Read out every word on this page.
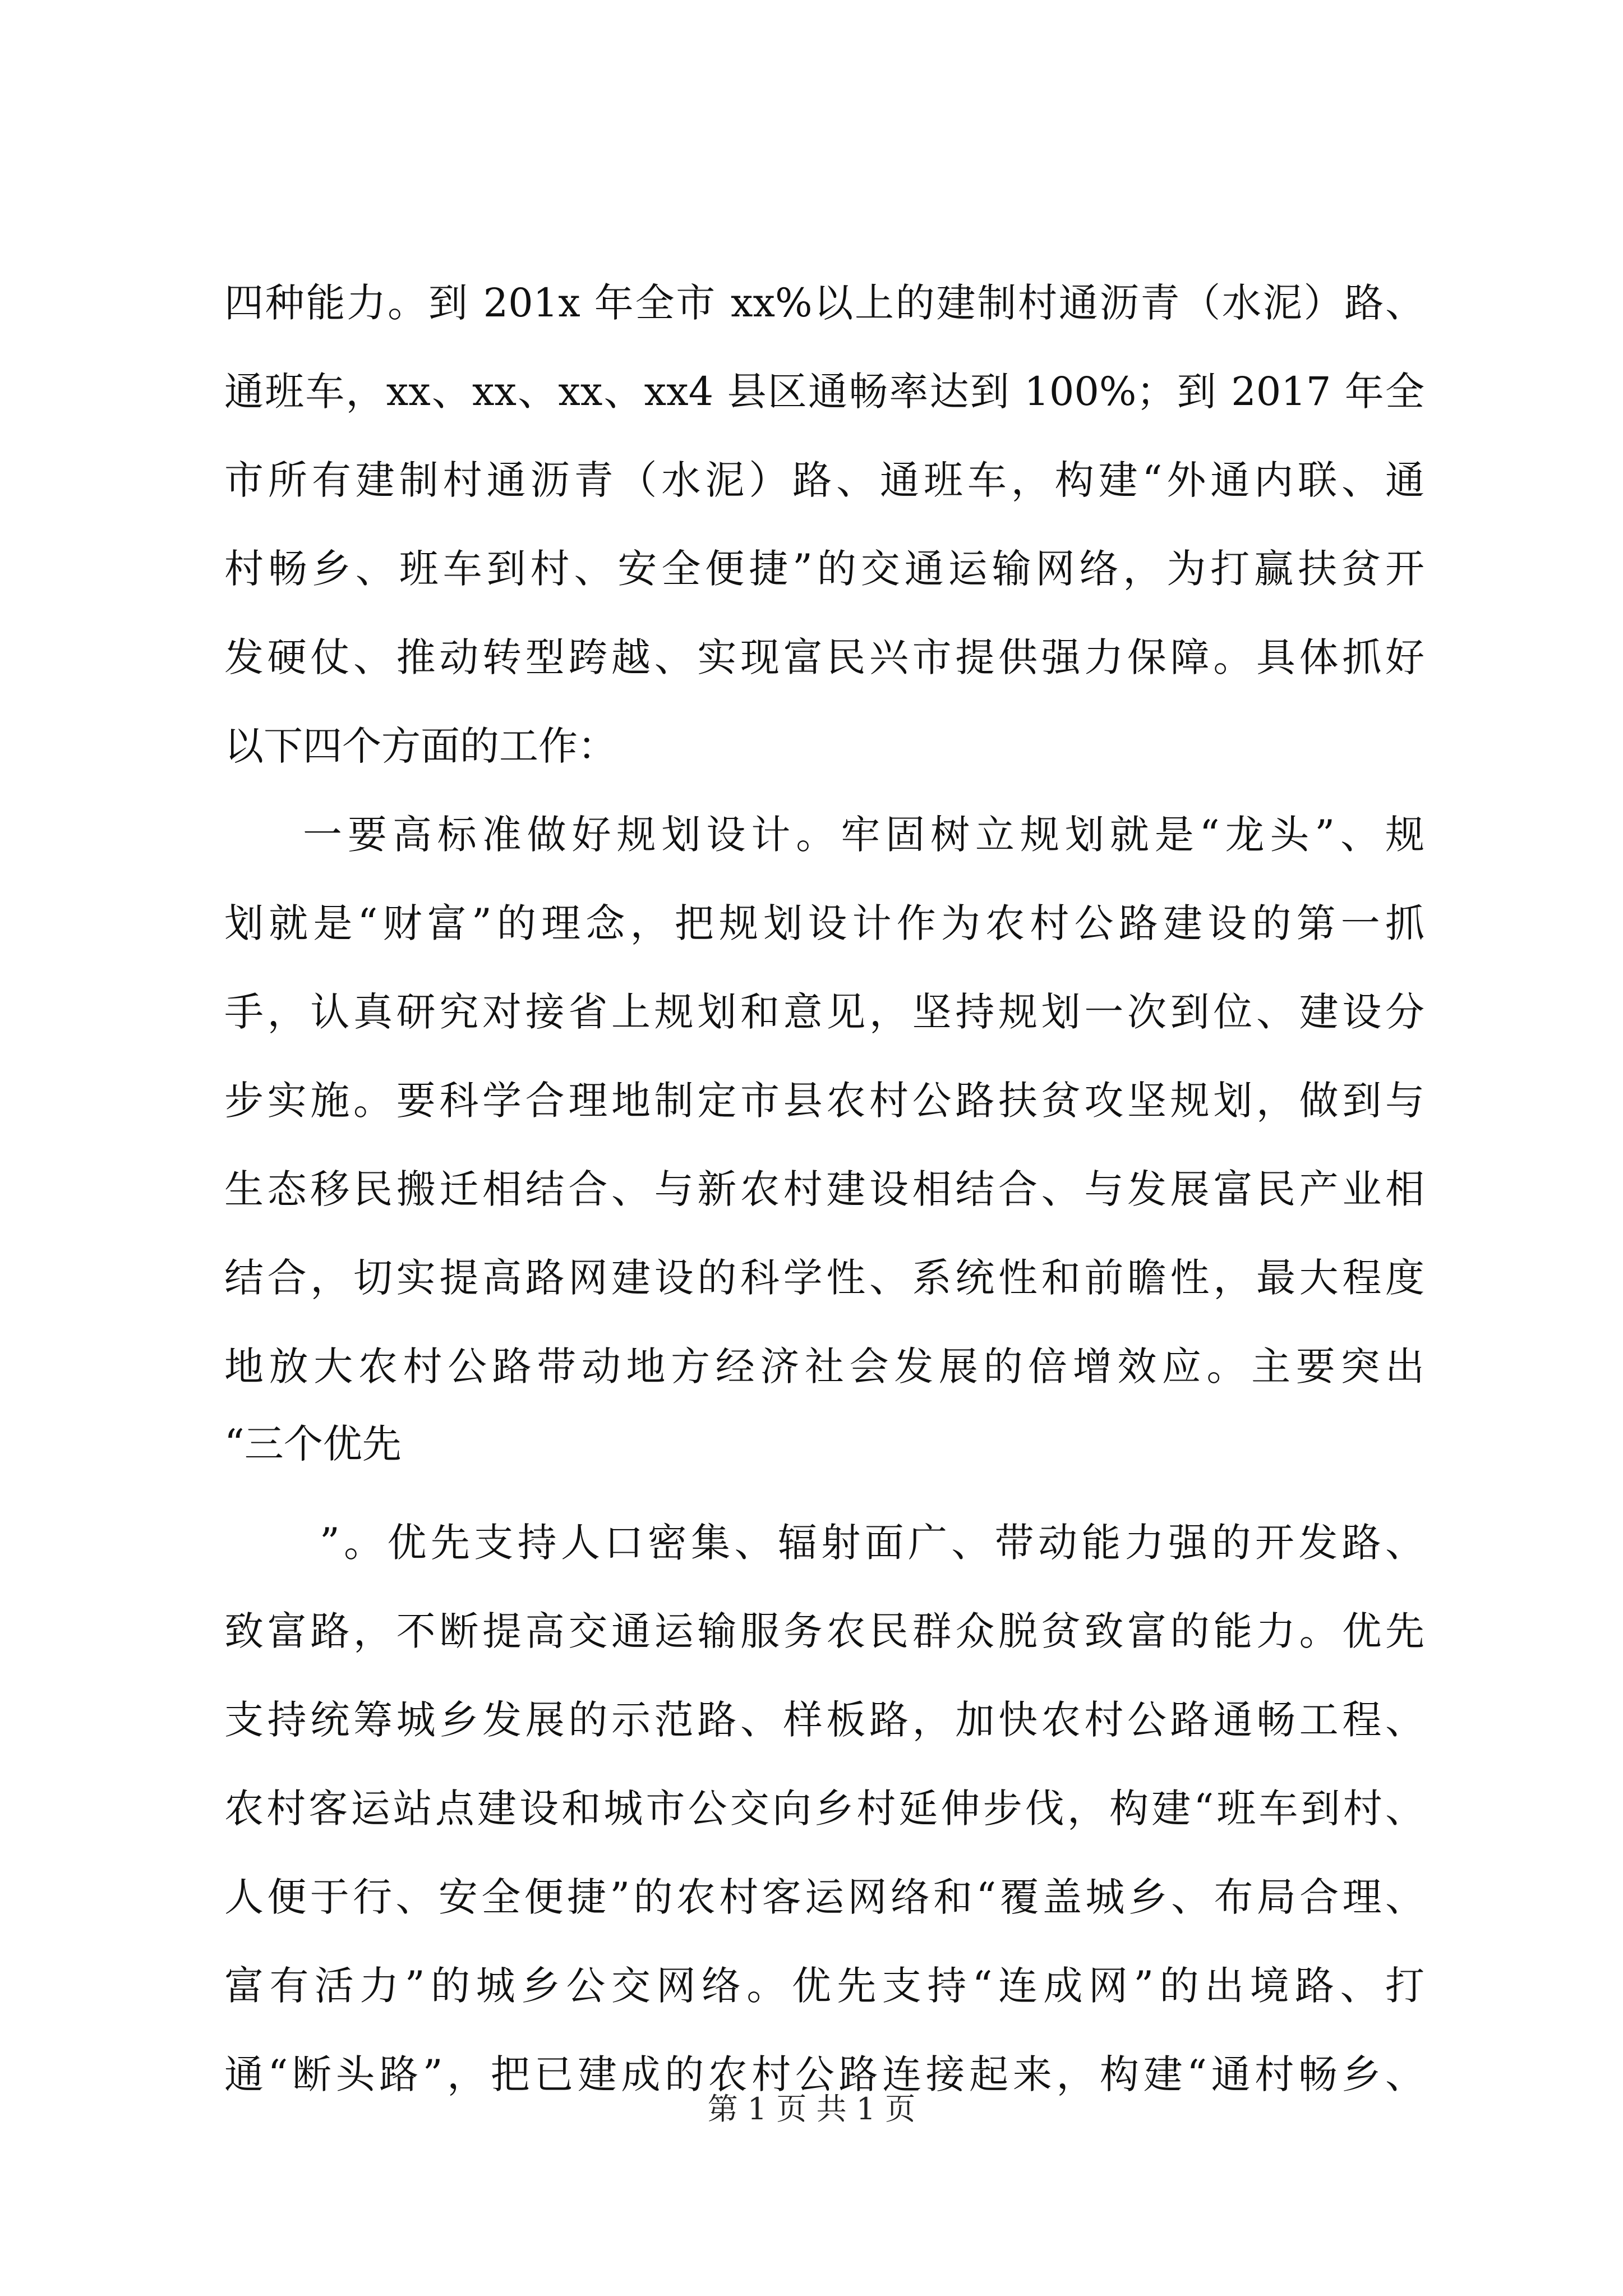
四种能力。到 201x 年全市 xx%以上的建制村通沥青（水泥）路、
通班车，xx、xx、xx、xx4 县区通畅率达到 100%；到 2017 年全
市所有建制村通沥青（水泥）路、通班车，构建“外通内联、通
村畅乡、班车到村、安全便捷”的交通运输网络，为打赢扶贫开
发硬仗、推动转型跨越、实现富民兴市提供强力保障。具体抓好
以下四个方面的工作：
一要高标准做好规划设计。牢固树立规划就是“龙头”、规
划就是“财富”的理念，把规划设计作为农村公路建设的第一抓
手，认真研究对接省上规划和意见，坚持规划一次到位、建设分
步实施。要科学合理地制定市县农村公路扶贫攻坚规划，做到与
生态移民搬迁相结合、与新农村建设相结合、与发展富民产业相
结合，切实提高路网建设的科学性、系统性和前瞻性，最大程度
地放大农村公路带动地方经济社会发展的倍增效应。主要突出
“三个优先
”。优先支持人口密集、辐射面广、带动能力强的开发路、
致富路，不断提高交通运输服务农民群众脱贫致富的能力。优先
支持统筹城乡发展的示范路、样板路，加快农村公路通畅工程、
农村客运站点建设和城市公交向乡村延伸步伐，构建“班车到村、
人便于行、安全便捷”的农村客运网络和“覆盖城乡、布局合理、
富有活力”的城乡公交网络。优先支持“连成网”的出境路、打
通“断头路”，把已建成的农村公路连接起来，构建“通村畅乡、
第 1 页 共 1 页
